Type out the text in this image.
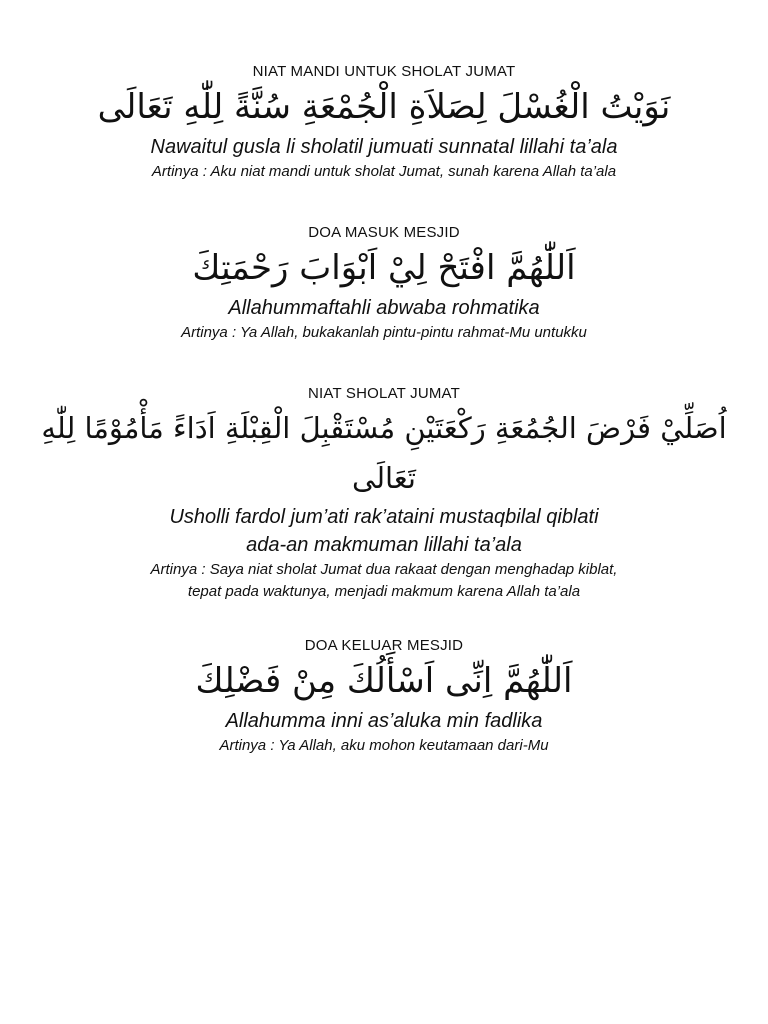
NIAT MANDI UNTUK SHOLAT JUMAT

نَوَيْتُ الْغُسْلَ لِصَلاَةِ الْجُمْعَةِ سُنَّةً لِلّٰهِ تَعَالَى

Nawaitul gusla li sholatil jumuati sunnatal lillahi ta’ala

Artinya : Aku niat mandi untuk sholat Jumat, sunah karena Allah ta’ala

DOA MASUK MESJID

اَللّٰهُمَّ افْتَحْ لِيْ اَبْوَابَ رَحْمَتِكَ

Allahummaftahli abwaba rohmatika

Artinya : Ya Allah, bukakanlah pintu-pintu rahmat-Mu untukku

NIAT SHOLAT JUMAT

اُصَلِّيْ فَرْضَ الجُمُعَةِ رَكْعَتَيْنِ مُسْتَقْبِلَ الْقِبْلَةِ اَدَاءً مَأْمُوْمًا لِلّٰهِ

تَعَالَى

Usholli fardol jum’ati rak’ataini mustaqbilal qiblati

ada-an makmuman lillahi ta’ala

Artinya : Saya niat sholat Jumat dua rakaat dengan menghadap kiblat,

tepat pada waktunya, menjadi makmum karena Allah ta’ala

DOA KELUAR MESJID

اَللّٰهُمَّ اِنِّى اَسْأَلُكَ مِنْ فَضْلِكَ

Allahumma inni as’aluka min fadlika

Artinya : Ya Allah, aku mohon keutamaan dari-Mu
